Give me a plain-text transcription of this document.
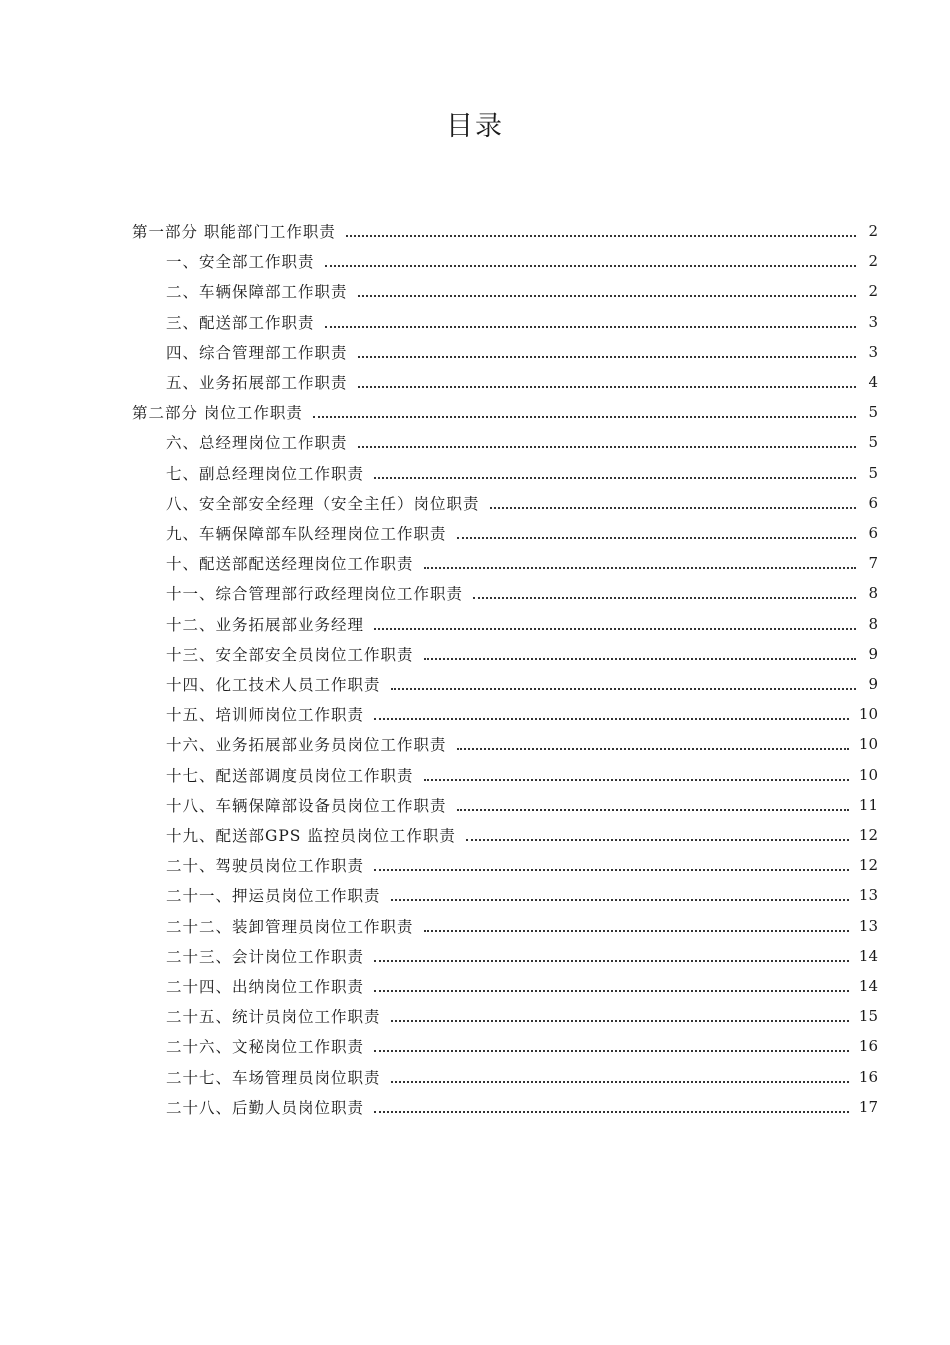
目录
第一部分 职能部门工作职责	2
一、安全部工作职责	2
二、车辆保障部工作职责	2
三、配送部工作职责	3
四、综合管理部工作职责	3
五、业务拓展部工作职责	4
第二部分 岗位工作职责	5
六、总经理岗位工作职责	5
七、副总经理岗位工作职责	5
八、安全部安全经理（安全主任）岗位职责	6
九、车辆保障部车队经理岗位工作职责	6
十、配送部配送经理岗位工作职责	7
十一、综合管理部行政经理岗位工作职责	8
十二、业务拓展部业务经理	8
十三、安全部安全员岗位工作职责	9
十四、化工技术人员工作职责	9
十五、培训师岗位工作职责	10
十六、业务拓展部业务员岗位工作职责	10
十七、配送部调度员岗位工作职责	10
十八、车辆保障部设备员岗位工作职责	11
十九、配送部GPS 监控员岗位工作职责	12
二十、驾驶员岗位工作职责	12
二十一、押运员岗位工作职责	13
二十二、装卸管理员岗位工作职责	13
二十三、会计岗位工作职责	14
二十四、出纳岗位工作职责	14
二十五、统计员岗位工作职责	15
二十六、文秘岗位工作职责	16
二十七、车场管理员岗位职责	16
二十八、后勤人员岗位职责	17
